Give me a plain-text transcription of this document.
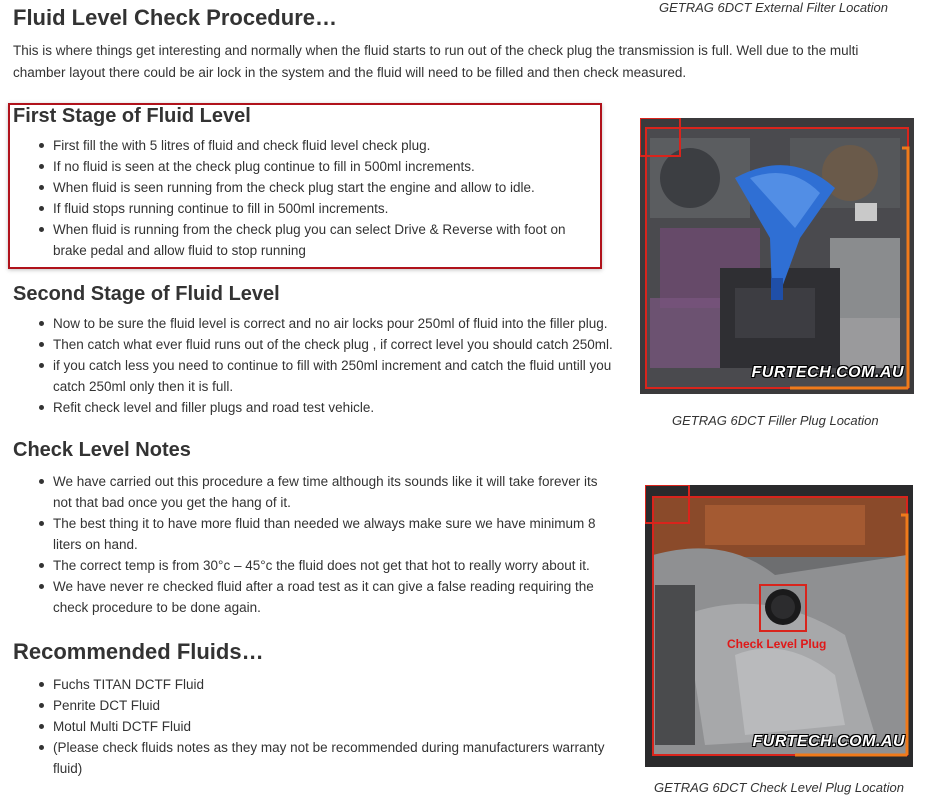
Fluid Level Check Procedure…

This is where things get interesting and normally when the fluid starts to run out of the check plug the transmission is full. Well due to the multi chamber layout there could be air lock in the system and the fluid will need to be filled and then check measured.

GETRAG 6DCT External Filter Location
First Stage of Fluid Level
First fill the with 5 litres of fluid and check fluid level check plug.
If no fluid is seen at the check plug continue to fill in 500ml increments.
When fluid is seen running from the check plug start the engine and allow to idle.
If fluid stops running continue to fill in 500ml increments.
When fluid is running from the check plug you can select Drive & Reverse with foot on brake pedal and allow fluid to stop running
Second Stage of Fluid Level
Now to be sure the fluid level is correct and no air locks pour 250ml of fluid into the filler plug.
Then catch what ever fluid runs out of the check plug , if correct level you should catch 250ml.
if you catch less you need to continue to fill with 250ml increment and catch the fluid untill you catch 250ml only then it is full.
Refit check level and filler plugs and road test vehicle.
Check Level Notes
We have carried out this procedure a few time although its sounds like it will take forever its not that bad once you get the hang of it.
The best thing it to have more fluid than needed we always make sure we have minimum 8 liters on hand.
The correct temp is from 30°c – 45°c the fluid does not get that hot to really worry about it.
We have never re checked fluid after a road test as it can give a false reading requiring the check procedure to be done again.
Recommended Fluids…
Fuchs TITAN DCTF Fluid
Penrite DCT Fluid
Motul Multi DCTF Fluid
(Please check fluids notes as they may not be recommended during manufacturers warranty fluid)
FURTECH.COM.AU
GETRAG 6DCT Filler Plug Location
Check Level Plug
FURTECH.COM.AU
GETRAG 6DCT Check Level Plug Location
